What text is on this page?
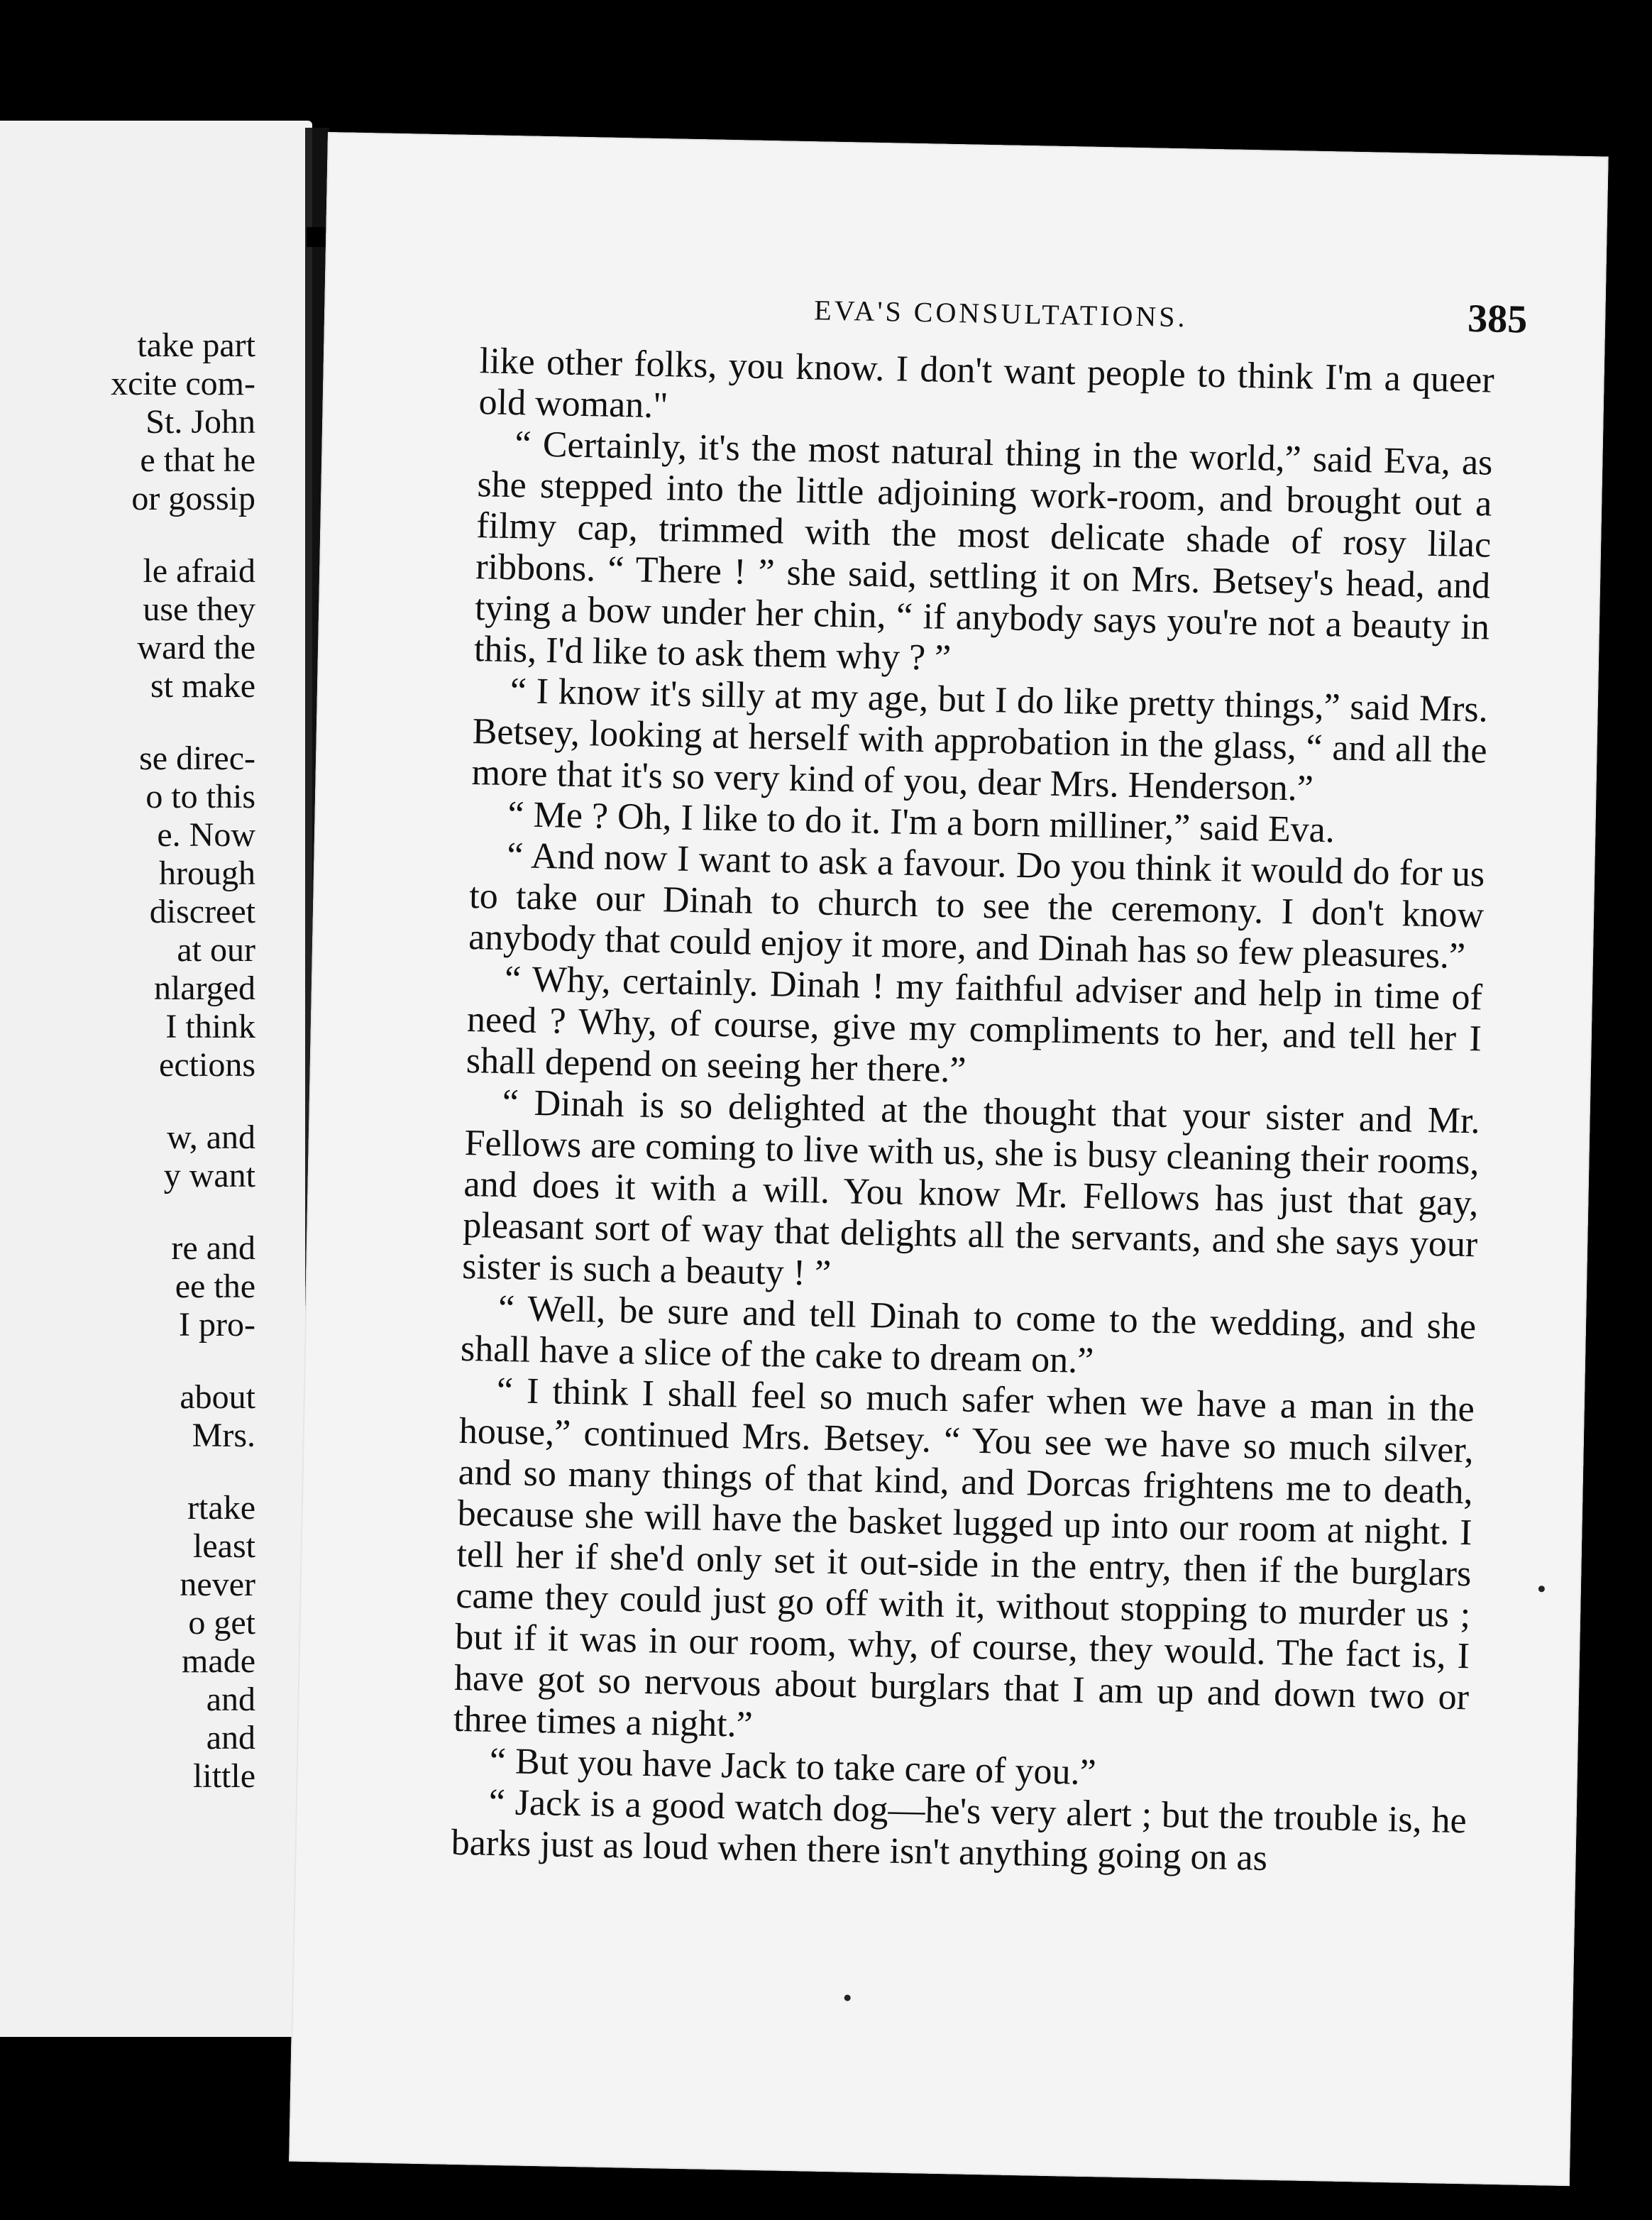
take part
xcite com-
St. John
e that he
or gossip
le afraid
use they
ward the
st make
se direc-
o to this
e. Now
hrough
discreet
at our
nlarged
I think
ections
w, and
y want
re and
ee the
I pro-
about
Mrs.
rtake
least
never
o get
made
and
and
little
EVA'S CONSULTATIONS.	385

like other folks, you know. I don't want people to think I'm a queer old woman."

“ Certainly, it's the most natural thing in the world,” said Eva, as she stepped into the little adjoining work-room, and brought out a filmy cap, trimmed with the most delicate shade of rosy lilac ribbons. “ There ! ” she said, settling it on Mrs. Betsey's head, and tying a bow under her chin, “ if anybody says you're not a beauty in this, I'd like to ask them why ? ”

“ I know it's silly at my age, but I do like pretty things,” said Mrs. Betsey, looking at herself with approbation in the glass, “ and all the more that it's so very kind of you, dear Mrs. Henderson.”

“ Me ? Oh, I like to do it. I'm a born milliner,” said Eva.

“ And now I want to ask a favour. Do you think it would do for us to take our Dinah to church to see the ceremony. I don't know anybody that could enjoy it more, and Dinah has so few pleasures.”

“ Why, certainly. Dinah ! my faithful adviser and help in time of need ? Why, of course, give my compliments to her, and tell her I shall depend on seeing her there.”

“ Dinah is so delighted at the thought that your sister and Mr. Fellows are coming to live with us, she is busy cleaning their rooms, and does it with a will. You know Mr. Fellows has just that gay, pleasant sort of way that delights all the servants, and she says your sister is such a beauty ! ”

“ Well, be sure and tell Dinah to come to the wedding, and she shall have a slice of the cake to dream on.”

“ I think I shall feel so much safer when we have a man in the house,” continued Mrs. Betsey. “ You see we have so much silver, and so many things of that kind, and Dorcas frightens me to death, because she will have the basket lugged up into our room at night. I tell her if she'd only set it out-side in the entry, then if the burglars came they could just go off with it, without stopping to murder us ; but if it was in our room, why, of course, they would. The fact is, I have got so nervous about burglars that I am up and down two or three times a night.”

“ But you have Jack to take care of you.”

“ Jack is a good watch dog—he's very alert ; but the trouble is, he barks just as loud when there isn't anything going on as
